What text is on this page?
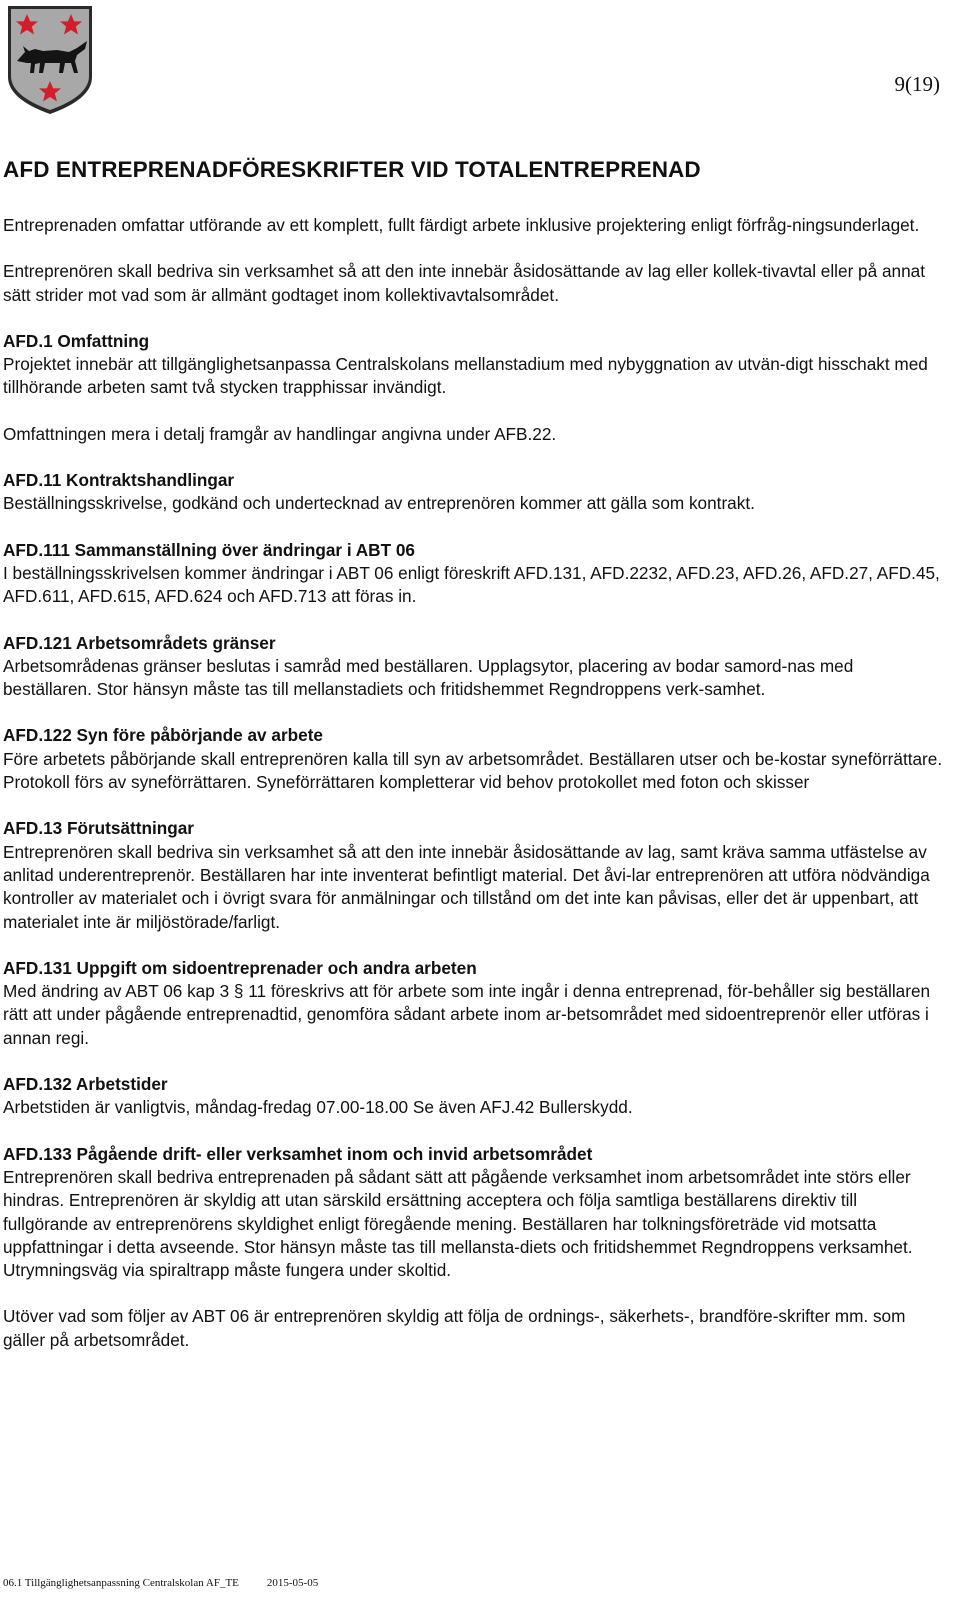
9(19)
AFD ENTREPRENADFÖRESKRIFTER VID TOTALENTREPRENAD

Entreprenaden omfattar utförande av ett komplett, fullt färdigt arbete inklusive projektering enligt förfråg-ningsunderlaget.

Entreprenören skall bedriva sin verksamhet så att den inte innebär åsidosättande av lag eller kollek-tivavtal eller på annat sätt strider mot vad som är allmänt godtaget inom kollektivavtalsområdet.

AFD.1 Omfattning

Projektet innebär att tillgänglighetsanpassa Centralskolans mellanstadium med nybyggnation av utvän-digt hisschakt med tillhörande arbeten samt två stycken trapphissar invändigt.

Omfattningen mera i detalj framgår av handlingar angivna under AFB.22.

AFD.11 Kontraktshandlingar

Beställningsskrivelse, godkänd och undertecknad av entreprenören kommer att gälla som kontrakt.

AFD.111 Sammanställning över ändringar i ABT 06

I beställningsskrivelsen kommer ändringar i ABT 06 enligt föreskrift AFD.131, AFD.2232, AFD.23, AFD.26, AFD.27, AFD.45, AFD.611, AFD.615, AFD.624 och AFD.713 att föras in.

AFD.121 Arbetsområdets gränser

Arbetsområdenas gränser beslutas i samråd med beställaren. Upplagsytor, placering av bodar samord-nas med beställaren. Stor hänsyn måste tas till mellanstadiets och fritidshemmet Regndroppens verk-samhet.

AFD.122 Syn före påbörjande av arbete

Före arbetets påbörjande skall entreprenören kalla till syn av arbetsområdet. Beställaren utser och be-kostar syneförrättare. Protokoll förs av syneförrättaren. Syneförrättaren kompletterar vid behov protokollet med foton och skisser

AFD.13 Förutsättningar

Entreprenören skall bedriva sin verksamhet så att den inte innebär åsidosättande av lag, samt kräva samma utfästelse av anlitad underentreprenör. Beställaren har inte inventerat befintligt material. Det åvi-lar entreprenören att utföra nödvändiga kontroller av materialet och i övrigt svara för anmälningar och tillstånd om det inte kan påvisas, eller det är uppenbart, att materialet inte är miljöstörade/farligt.

AFD.131 Uppgift om sidoentreprenader och andra arbeten

Med ändring av ABT 06 kap 3 § 11 föreskrivs att för arbete som inte ingår i denna entreprenad, för-behåller sig beställaren rätt att under pågående entreprenadtid, genomföra sådant arbete inom ar-betsområdet med sidoentreprenör eller utföras i annan regi.

AFD.132 Arbetstider

Arbetstiden är vanligtvis, måndag-fredag 07.00-18.00 Se även AFJ.42 Bullerskydd.

AFD.133 Pågående drift- eller verksamhet inom och invid arbetsområdet

Entreprenören skall bedriva entreprenaden på sådant sätt att pågående verksamhet inom arbetsområdet inte störs eller hindras. Entreprenören är skyldig att utan särskild ersättning acceptera och följa samtliga beställarens direktiv till fullgörande av entreprenörens skyldighet enligt föregående mening. Beställaren har tolkningsföreträde vid motsatta uppfattningar i detta avseende. Stor hänsyn måste tas till mellansta-diets och fritidshemmet Regndroppens verksamhet. Utrymningsväg via spiraltrapp måste fungera under skoltid.

Utöver vad som följer av ABT 06 är entreprenören skyldig att följa de ordnings-, säkerhets-, brandföre-skrifter mm. som gäller på arbetsområdet.

06.1 Tillgänglighetsanpassning Centralskolan AF_TE	2015-05-05
